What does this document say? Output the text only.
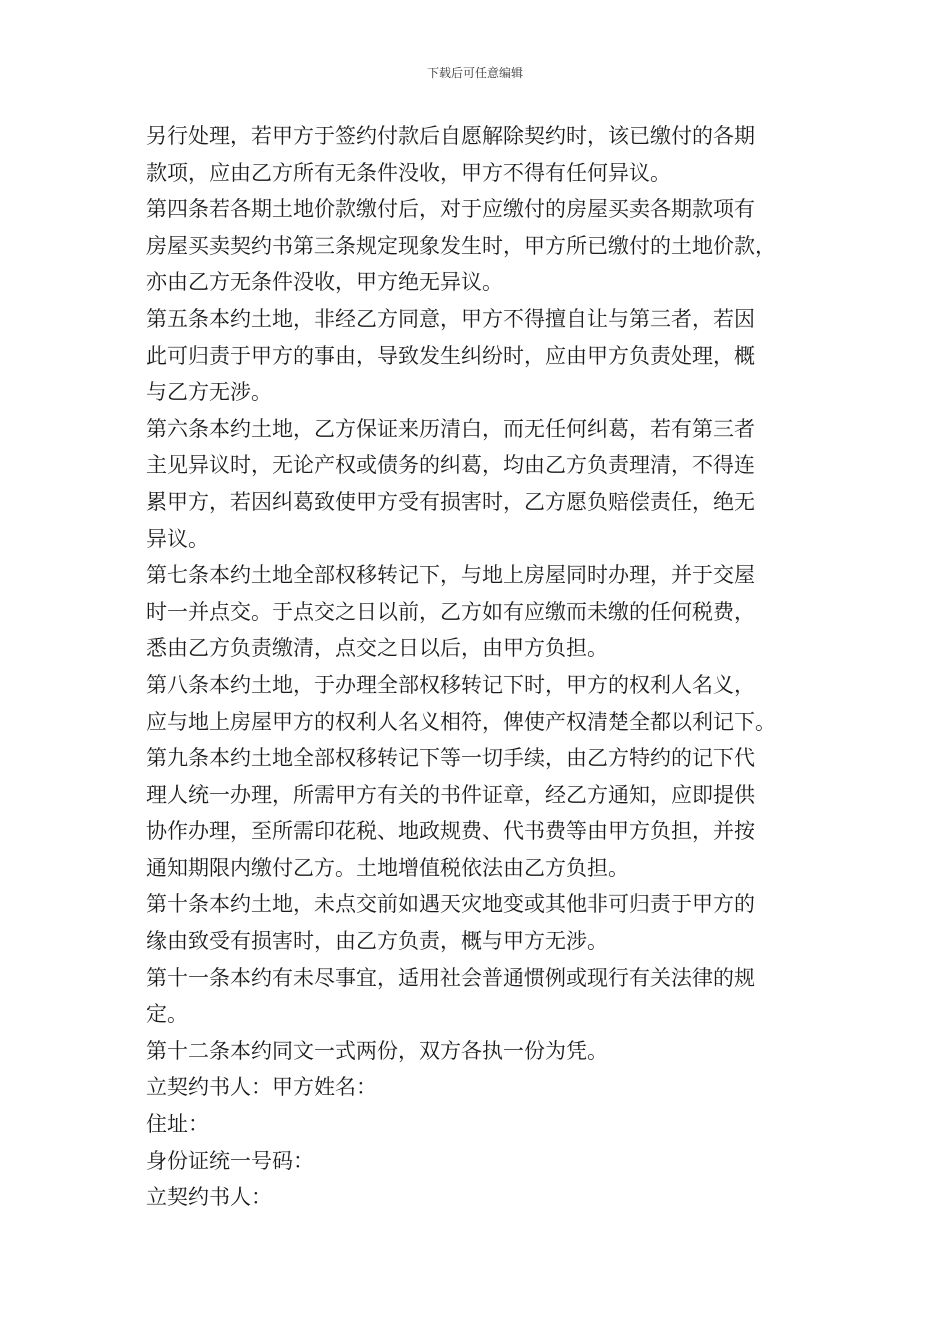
下载后可任意编辑
另行处理，若甲方于签约付款后自愿解除契约时，该已缴付的各期
款项，应由乙方所有无条件没收，甲方不得有任何异议。
第四条若各期土地价款缴付后，对于应缴付的房屋买卖各期款项有
房屋买卖契约书第三条规定现象发生时，甲方所已缴付的土地价款，
亦由乙方无条件没收，甲方绝无异议。
第五条本约土地，非经乙方同意，甲方不得擅自让与第三者，若因
此可归责于甲方的事由，导致发生纠纷时，应由甲方负责处理，概
与乙方无涉。
第六条本约土地，乙方保证来历清白，而无任何纠葛，若有第三者
主见异议时，无论产权或债务的纠葛，均由乙方负责理清，不得连
累甲方，若因纠葛致使甲方受有损害时，乙方愿负赔偿责任，绝无
异议。
第七条本约土地全部权移转记下，与地上房屋同时办理，并于交屋
时一并点交。于点交之日以前，乙方如有应缴而未缴的任何税费，
悉由乙方负责缴清，点交之日以后，由甲方负担。
第八条本约土地，于办理全部权移转记下时，甲方的权利人名义，
应与地上房屋甲方的权利人名义相符，俾使产权清楚全都以利记下。
第九条本约土地全部权移转记下等一切手续，由乙方特约的记下代
理人统一办理，所需甲方有关的书件证章，经乙方通知，应即提供
协作办理，至所需印花税、地政规费、代书费等由甲方负担，并按
通知期限内缴付乙方。土地增值税依法由乙方负担。
第十条本约土地，未点交前如遇天灾地变或其他非可归责于甲方的
缘由致受有损害时，由乙方负责，概与甲方无涉。
第十一条本约有未尽事宜，适用社会普通惯例或现行有关法律的规
定。
第十二条本约同文一式两份，双方各执一份为凭。
立契约书人：甲方姓名：
住址：
身份证统一号码：
立契约书人：
